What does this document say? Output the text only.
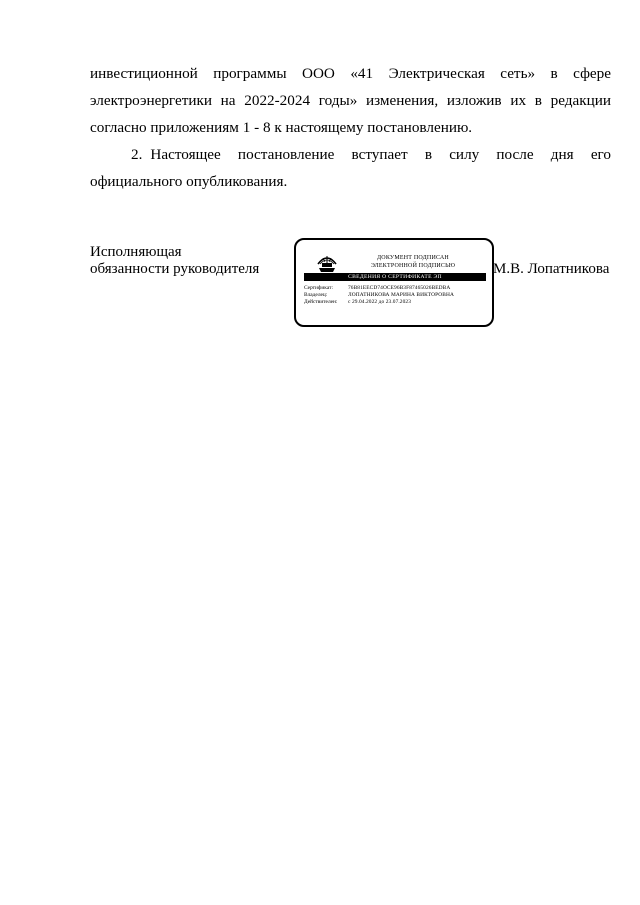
инвестиционной программы ООО «41 Электрическая сеть» в сфере электроэнергетики на 2022-2024 годы» изменения, изложив их в редакции согласно приложениям 1 - 8 к настоящему постановлению.
2. Настоящее постановление вступает в силу после дня его официального опубликования.
Исполняющая
обязанности руководителя
ДОКУМЕНТ ПОДПИСАН
ЭЛЕКТРОННОЙ ПОДПИСЬЮ
СВЕДЕНИЯ О СЕРТИФИКАТЕ ЭП
Сертификат:	76B81EECD74OCE96B3F87465026BEDBA
Владелец:	ЛОПАТНИКОВА МАРИНА ВИКТОРОВНА
Действителен:	с 29.04.2022 до 23.07.2023
М.В. Лопатникова
